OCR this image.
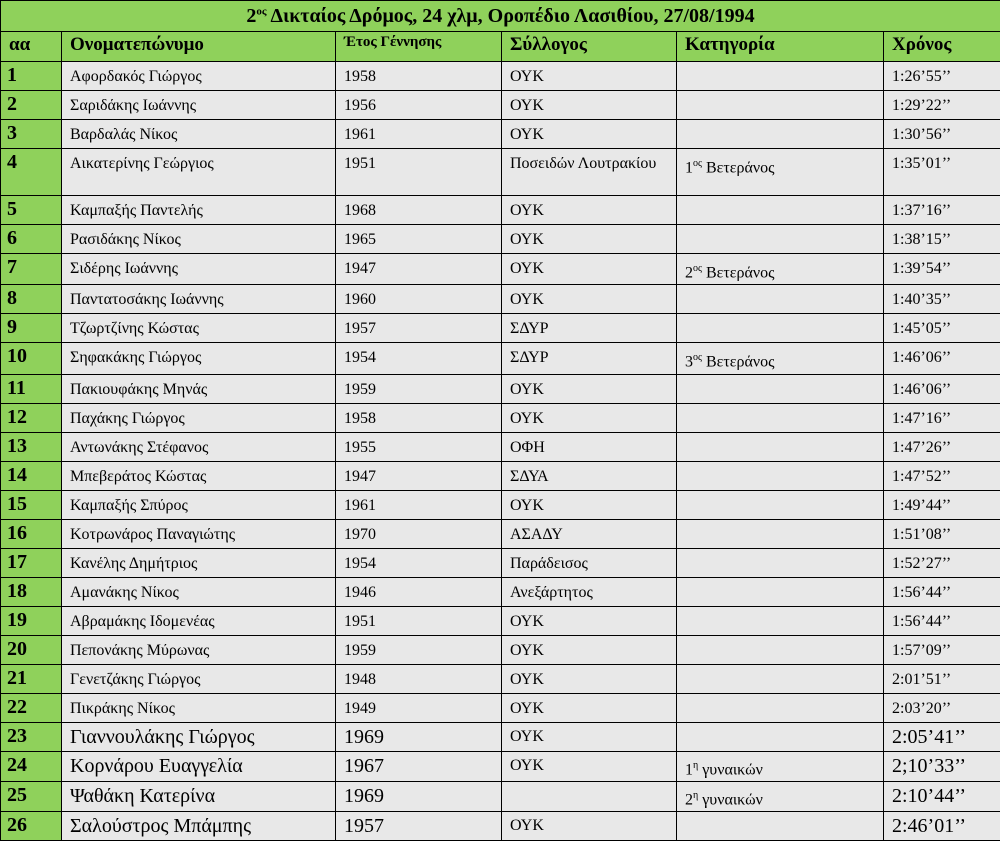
$2^{o\varsigma}$ Δικταίος Δρόμος, 24 χλμ, Οροπέδιο Λασιθίου, 27/08/1994					

αα	Ονοματεπώνυμο	Έτος Γέννησης	Σύλλογος	Κατηγορία	Χρόνος

1	Αφορδακός Γιώργος	1958	ΟΥΚ		1:26’55’’
2	Σαριδάκης Ιωάννης	1956	ΟΥΚ		1:29’22’’
3	Βαρδαλάς Νίκος	1961	ΟΥΚ		1:30’56’’
4	Αικατερίνης Γεώργιος	1951	Ποσειδών Λουτρακίου	$1^{o\varsigma}$ Βετεράνος	1:35’01’’
5	Καμπαξής Παντελής	1968	ΟΥΚ		1:37’16’’
6	Ρασιδάκης Νίκος	1965	ΟΥΚ		1:38’15’’
7	Σιδέρης Ιωάννης	1947	ΟΥΚ	$2^{o\varsigma}$ Βετεράνος	1:39’54’’
8	Παντατοσάκης Ιωάννης	1960	ΟΥΚ		1:40’35’’
9	Τζωρτζίνης Κώστας	1957	ΣΔΥΡ		1:45’05’’
10	Σηφακάκης Γιώργος	1954	ΣΔΥΡ	$3^{o\varsigma}$ Βετεράνος	1:46’06’’
11	Πακιουφάκης Μηνάς	1959	ΟΥΚ		1:46’06’’
12	Παχάκης Γιώργος	1958	ΟΥΚ		1:47’16’’
13	Αντωνάκης Στέφανος	1955	ΟΦΗ		1:47’26’’
14	Μπεβεράτος Κώστας	1947	ΣΔΥΑ		1:47’52’’
15	Καμπαξής Σπύρος	1961	ΟΥΚ		1:49’44’’
16	Κοτρωνάρος Παναγιώτης	1970	ΑΣΑΔΥ		1:51’08’’
17	Κανέλης Δημήτριος	1954	Παράδεισος		1:52’27’’
18	Αμανάκης Νίκος	1946	Ανεξάρτητος		1:56’44’’
19	Αβραμάκης Ιδομενέας	1951	ΟΥΚ		1:56’44’’
20	Πεπονάκης Μύρωνας	1959	ΟΥΚ		1:57’09’’
21	Γενετζάκης Γιώργος	1948	ΟΥΚ		2:01’51’’
22	Πικράκης Νίκος	1949	ΟΥΚ		2:03’20’’
23	Γιαννουλάκης Γιώργος	1969	ΟΥΚ		2:05’41’’
24	Κορνάρου Ευαγγελία	1967	ΟΥΚ	$1^\eta$ γυναικών	2;10’33’’
25	Ψαθάκη Κατερίνα	1969		$2^\eta$ γυναικών	2:10’44’’
26	Σαλούστρος Μπάμπης	1957	ΟΥΚ		2:46’01’’
